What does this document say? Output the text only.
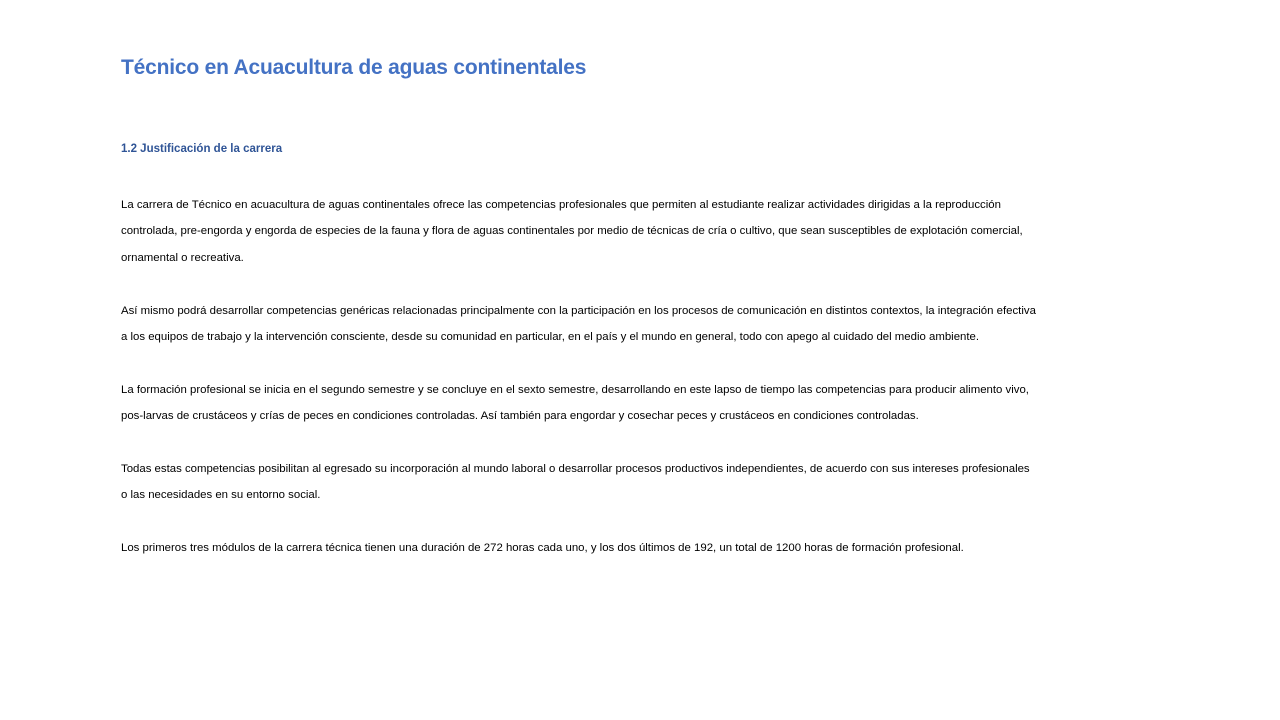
Técnico en Acuacultura de aguas continentales
1.2 Justificación de la carrera

La carrera de Técnico en acuacultura de aguas continentales ofrece las competencias profesionales que permiten al estudiante realizar actividades dirigidas a la reproducción controlada, pre-engorda y engorda de especies de la fauna y flora de aguas continentales por medio de técnicas de cría o cultivo, que sean susceptibles de explotación comercial, ornamental o recreativa.

Así mismo podrá desarrollar competencias genéricas relacionadas principalmente con la participación en los procesos de comunicación en distintos contextos, la integración efectiva a los equipos de trabajo y la intervención consciente, desde su comunidad en particular, en el país y el mundo en general, todo con apego al cuidado del medio ambiente.

La formación profesional se inicia en el segundo semestre y se concluye en el sexto semestre, desarrollando en este lapso de tiempo las competencias para producir alimento vivo, pos-larvas de crustáceos y crías de peces en condiciones controladas. Así también para engordar y cosechar peces y crustáceos en condiciones controladas.

Todas estas competencias posibilitan al egresado su incorporación al mundo laboral o desarrollar procesos productivos independientes, de acuerdo con sus intereses profesionales o las necesidades en su entorno social.

Los primeros tres módulos de la carrera técnica tienen una duración de 272 horas cada uno, y los dos últimos de 192, un total de 1200 horas de formación profesional.
